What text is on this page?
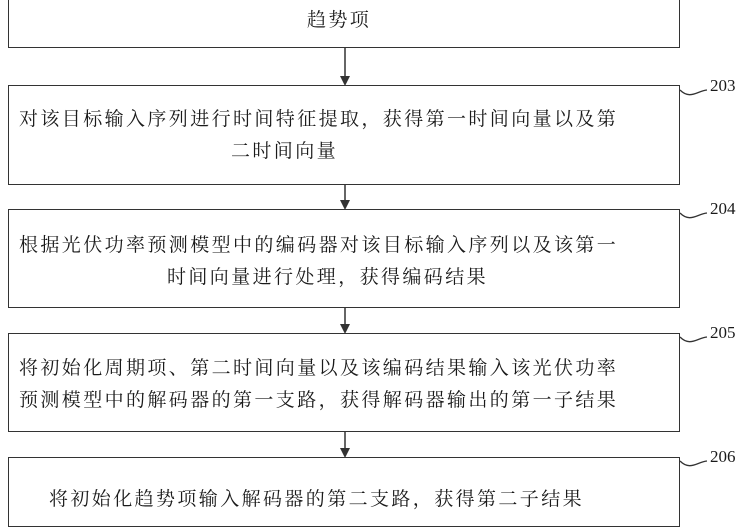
趋势项

对该目标输入序列进行时间特征提取，获得第一时间向量以及第

二时间向量

根据光伏功率预测模型中的编码器对该目标输入序列以及该第一

时间向量进行处理，获得编码结果

将初始化周期项、第二时间向量以及该编码结果输入该光伏功率

预测模型中的解码器的第一支路，获得解码器输出的第一子结果

将初始化趋势项输入解码器的第二支路，获得第二子结果

203
204
205
206
